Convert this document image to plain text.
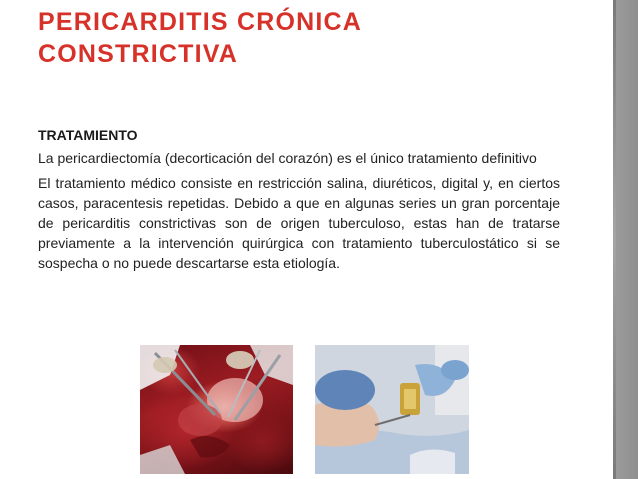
PERICARDITIS CRÓNICA
CONSTRICTIVA

TRATAMIENTO

La pericardiectomía (decorticación del corazón) es el único tratamiento definitivo

El tratamiento médico consiste en restricción salina, diuréticos, digital y, en ciertos casos, paracentesis repetidas. Debido a que en algunas series un gran porcentaje de pericarditis constrictivas son de origen tuberculoso, estas han de tratarse previamente a la intervención quirúrgica con tratamiento tuberculostático si se sospecha o no puede descartarse esta etiología.
